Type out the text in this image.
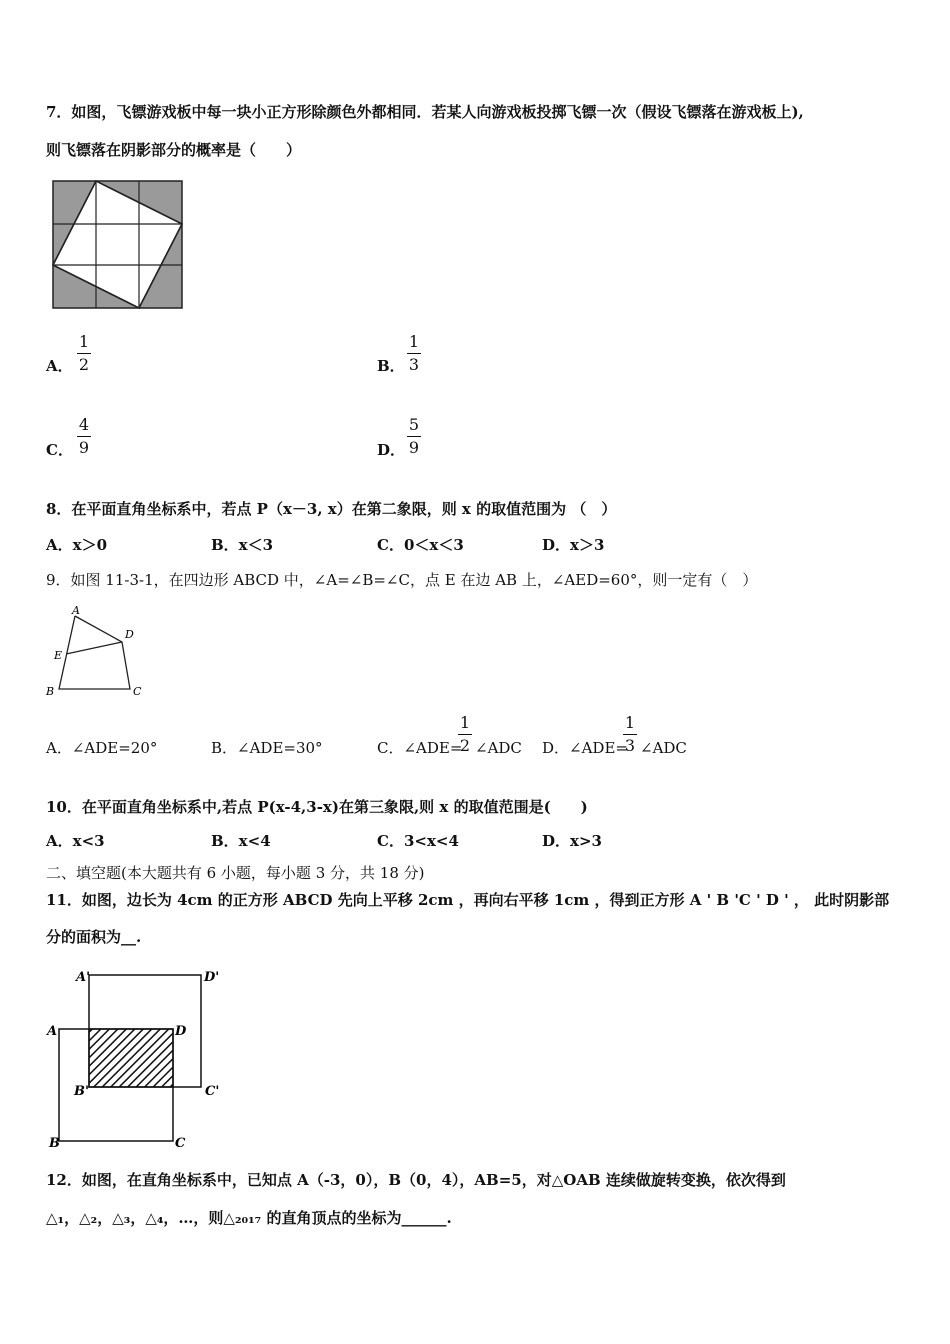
7．如图，飞镖游戏板中每一块小正方形除颜色外都相同．若某人向游戏板投掷飞镖一次（假设飞镖落在游戏板上),
则飞镖落在阴影部分的概率是（　　）
A．
1
2	B．
1
3
C．
4
9	D．
5
9
8．在平面直角坐标系中，若点 P（x－3, x）在第二象限，则 x 的取值范围为 （　）
A．x＞0	B．x＜3	C．0＜x＜3	D．x＞3
9．如图 11-3-1，在四边形 ABCD 中，∠A=∠B=∠C，点 E 在边 AB 上，∠AED=60°，则一定有（　）
A
D
E
B	C
A．∠ADE=20°	B．∠ADE=30°	C．∠ADE=
1
2 ∠ADC D．∠ADE=
1
3 ∠ADC
10．在平面直角坐标系中,若点 P(x-4,3-x)在第三象限,则 x 的取值范围是(　　)
A．x<3	B．x<4	C．3<x<4	D．x>3
二、填空题(本大题共有 6 小题，每小题 3 分，共 18 分)
11．如图，边长为 4cm 的正方形 ABCD 先向上平移 2cm ，再向右平移 1cm ，得到正方形 A ' B 'C ' D ' ， 此时阴影部
分的面积为__.
A'	D'
A	D
B'	C'
B	C
12．如图，在直角坐标系中，已知点 A（-3，0），B（0，4），AB=5，对△OAB 连续做旋转变换，依次得到
△₁，△₂，△₃，△₄，…，则△₂₀₁₇ 的直角顶点的坐标为______.
